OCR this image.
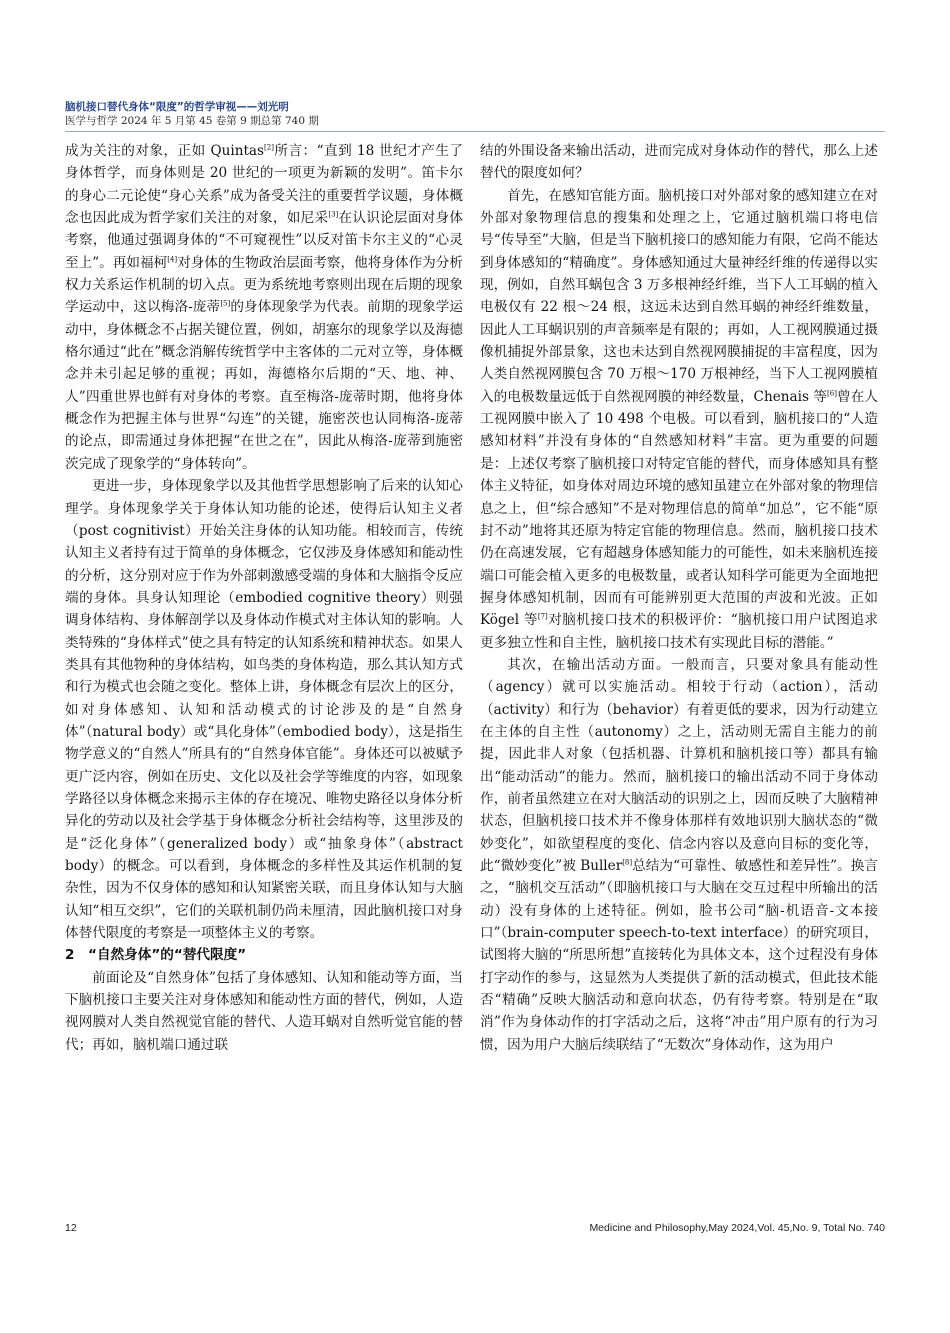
脑机接口替代身体“限度”的哲学审视——刘光明
医学与哲学 2024 年 5 月第 45 卷第 9 期总第 740 期

成为关注的对象，正如 Quintas[2]所言：“直到 18 世纪才产生了身体哲学，而身体则是 20 世纪的一项更为新颖的发明”。笛卡尔的身心二元论使“身心关系”成为备受关注的重要哲学议题，身体概念也因此成为哲学家们关注的对象，如尼采[3]在认识论层面对身体考察，他通过强调身体的“不可窥视性”以反对笛卡尔主义的“心灵至上”。再如福柯[4]对身体的生物政治层面考察，他将身体作为分析权力关系运作机制的切入点。更为系统地考察则出现在后期的现象学运动中，这以梅洛-庞蒂[5]的身体现象学为代表。前期的现象学运动中，身体概念不占据关键位置，例如，胡塞尔的现象学以及海德格尔通过“此在”概念消解传统哲学中主客体的二元对立等，身体概念并未引起足够的重视；再如，海德格尔后期的“天、地、神、人”四重世界也鲜有对身体的考察。直至梅洛-庞蒂时期，他将身体概念作为把握主体与世界“勾连”的关键，施密茨也认同梅洛-庞蒂的论点，即需通过身体把握“在世之在”，因此从梅洛-庞蒂到施密茨完成了现象学的“身体转向”。

更进一步，身体现象学以及其他哲学思想影响了后来的认知心理学。身体现象学关于身体认知功能的论述，使得后认知主义者（post cognitivist）开始关注身体的认知功能。相较而言，传统认知主义者持有过于简单的身体概念，它仅涉及身体感知和能动性的分析，这分别对应于作为外部刺激感受端的身体和大脑指令反应端的身体。具身认知理论（embodied cognitive theory）则强调身体结构、身体解剖学以及身体动作模式对主体认知的影响。人类特殊的“身体样式”使之具有特定的认知系统和精神状态。如果人类具有其他物种的身体结构，如鸟类的身体构造，那么其认知方式和行为模式也会随之变化。整体上讲，身体概念有层次上的区分，如对身体感知、认知和活动模式的讨论涉及的是“自然身体”（natural body）或“具化身体”（embodied body），这是指生物学意义的“自然人”所具有的“自然身体官能”。身体还可以被赋予更广泛内容，例如在历史、文化以及社会学等维度的内容，如现象学路径以身体概念来揭示主体的存在境况、唯物史路径以身体分析异化的劳动以及社会学基于身体概念分析社会结构等，这里涉及的是“泛化身体”（generalized body）或“抽象身体”（abstract body）的概念。可以看到，身体概念的多样性及其运作机制的复杂性，因为不仅身体的感知和认知紧密关联，而且身体认知与大脑认知“相互交织”，它们的关联机制仍尚未厘清，因此脑机接口对身体替代限度的考察是一项整体主义的考察。

2　“自然身体”的“替代限度”

前面论及“自然身体”包括了身体感知、认知和能动等方面，当下脑机接口主要关注对身体感知和能动性方面的替代，例如，人造视网膜对人类自然视觉官能的替代、人造耳蜗对自然听觉官能的替代；再如，脑机端口通过联

结的外围设备来输出活动，进而完成对身体动作的替代，那么上述替代的限度如何？

首先，在感知官能方面。脑机接口对外部对象的感知建立在对外部对象物理信息的搜集和处理之上，它通过脑机端口将电信号“传导至”大脑，但是当下脑机接口的感知能力有限，它尚不能达到身体感知的“精确度”。身体感知通过大量神经纤维的传递得以实现，例如，自然耳蜗包含 3 万多根神经纤维，当下人工耳蜗的植入电极仅有 22 根～24 根，这远未达到自然耳蜗的神经纤维数量，因此人工耳蜗识别的声音频率是有限的；再如，人工视网膜通过摄像机捕捉外部景象，这也未达到自然视网膜捕捉的丰富程度，因为人类自然视网膜包含 70 万根～170 万根神经，当下人工视网膜植入的电极数量远低于自然视网膜的神经数量，Chenais 等[6]曾在人工视网膜中嵌入了 10 498 个电极。可以看到，脑机接口的“人造感知材料”并没有身体的“自然感知材料”丰富。更为重要的问题是：上述仅考察了脑机接口对特定官能的替代，而身体感知具有整体主义特征，如身体对周边环境的感知虽建立在外部对象的物理信息之上，但“综合感知”不是对物理信息的简单“加总”，它不能“原封不动”地将其还原为特定官能的物理信息。然而，脑机接口技术仍在高速发展，它有超越身体感知能力的可能性，如未来脑机连接端口可能会植入更多的电极数量，或者认知科学可能更为全面地把握身体感知机制，因而有可能辨别更大范围的声波和光波。正如 Kögel 等[7]对脑机接口技术的积极评价：“脑机接口用户试图追求更多独立性和自主性，脑机接口技术有实现此目标的潜能。”

其次，在输出活动方面。一般而言，只要对象具有能动性（agency）就可以实施活动。相较于行动（action），活动（activity）和行为（behavior）有着更低的要求，因为行动建立在主体的自主性（autonomy）之上，活动则无需自主能力的前提，因此非人对象（包括机器、计算机和脑机接口等）都具有输出“能动活动”的能力。然而，脑机接口的输出活动不同于身体动作，前者虽然建立在对大脑活动的识别之上，因而反映了大脑精神状态，但脑机接口技术并不像身体那样有效地识别大脑状态的“微妙变化”，如欲望程度的变化、信念内容以及意向目标的变化等，此“微妙变化”被 Buller[8]总结为“可靠性、敏感性和差异性”。换言之，“脑机交互活动”（即脑机接口与大脑在交互过程中所输出的活动）没有身体的上述特征。例如，脸书公司“脑-机语音-文本接口”（brain-computer speech-to-text interface）的研究项目，试图将大脑的“所思所想”直接转化为具体文本，这个过程没有身体打字动作的参与，这显然为人类提供了新的活动模式，但此技术能否“精确”反映大脑活动和意向状态，仍有待考察。特别是在“取消”作为身体动作的打字活动之后，这将“冲击”用户原有的行为习惯，因为用户大脑后续联结了“无数次”身体动作，这为用户

12	Medicine and Philosophy,May 2024,Vol. 45,No. 9, Total No. 740
